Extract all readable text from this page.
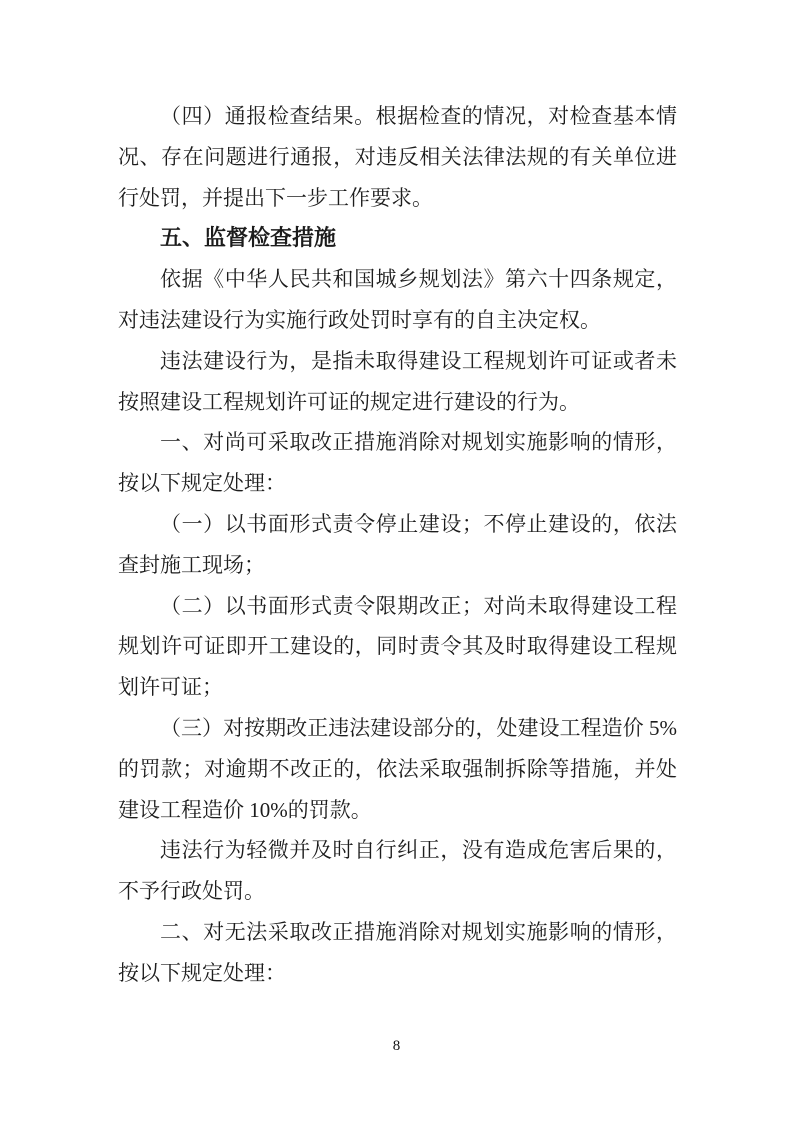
（四）通报检查结果。根据检查的情况，对检查基本情
况、存在问题进行通报，对违反相关法律法规的有关单位进
行处罚，并提出下一步工作要求。
五、监督检查措施
依据《中华人民共和国城乡规划法》第六十四条规定，
对违法建设行为实施行政处罚时享有的自主决定权。
违法建设行为，是指未取得建设工程规划许可证或者未
按照建设工程规划许可证的规定进行建设的行为。
一、对尚可采取改正措施消除对规划实施影响的情形，
按以下规定处理：
（一）以书面形式责令停止建设；不停止建设的，依法
查封施工现场；
（二）以书面形式责令限期改正；对尚未取得建设工程
规划许可证即开工建设的，同时责令其及时取得建设工程规
划许可证；
（三）对按期改正违法建设部分的，处建设工程造价 5%
的罚款；对逾期不改正的，依法采取强制拆除等措施，并处
建设工程造价 10%的罚款。
违法行为轻微并及时自行纠正，没有造成危害后果的，
不予行政处罚。
二、对无法采取改正措施消除对规划实施影响的情形，
按以下规定处理：
8
